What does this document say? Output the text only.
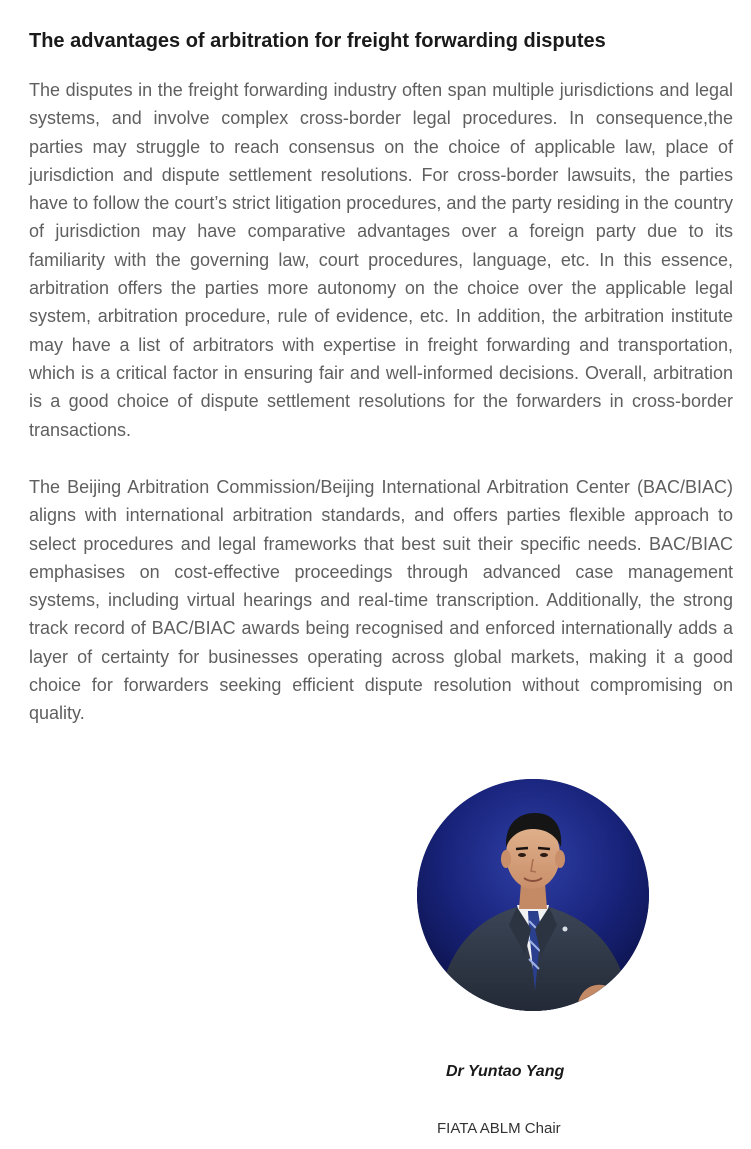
The advantages of arbitration for freight forwarding disputes

The disputes in the freight forwarding industry often span multiple jurisdictions and legal systems, and involve complex cross-border legal procedures. In consequence,the parties may struggle to reach consensus on the choice of applicable law, place of jurisdiction and dispute settlement resolutions. For cross-border lawsuits, the parties have to follow the court’s strict litigation procedures, and the party residing in the country of jurisdiction may have comparative advantages over a foreign party due to its familiarity with the governing law, court procedures, language, etc. In this essence, arbitration offers the parties more autonomy on the choice over the applicable legal system, arbitration procedure, rule of evidence, etc. In addition, the arbitration institute may have a list of arbitrators with expertise in freight forwarding and transportation, which is a critical factor in ensuring fair and well-informed decisions. Overall, arbitration is a good choice of dispute settlement resolutions for the forwarders in cross-border transactions.

The Beijing Arbitration Commission/Beijing International Arbitration Center (BAC/BIAC) aligns with international arbitration standards, and offers parties flexible approach to select procedures and legal frameworks that best suit their specific needs. BAC/BIAC emphasises on cost-effective proceedings through advanced case management systems, including virtual hearings and real-time transcription. Additionally, the strong track record of BAC/BIAC awards being recognised and enforced internationally adds a layer of certainty for businesses operating across global markets, making it a good choice for forwarders seeking efficient dispute resolution without compromising on quality.

Dr Yuntao Yang
FIATA ABLM Chair
